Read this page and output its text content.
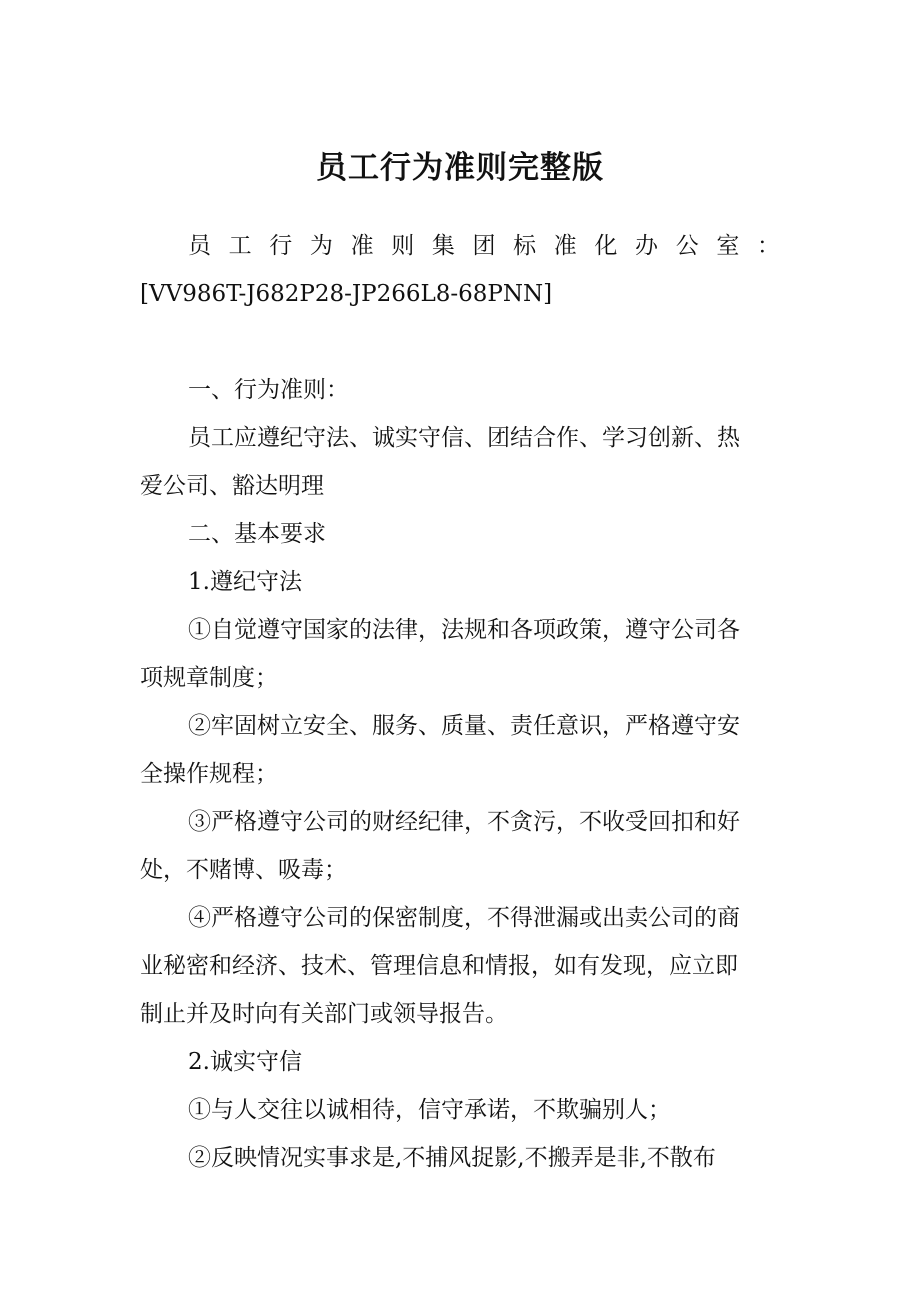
员工行为准则完整版
员 工 行 为 准 则 集 团 标 准 化 办 公 室 ：
[VV986T-J682P28-JP266L8-68PNN]
一、行为准则：
员工应遵纪守法、诚实守信、团结合作、学习创新、热
爱公司、豁达明理
二、基本要求
1.遵纪守法
①自觉遵守国家的法律，法规和各项政策，遵守公司各
项规章制度；
②牢固树立安全、服务、质量、责任意识，严格遵守安
全操作规程；
③严格遵守公司的财经纪律，不贪污，不收受回扣和好
处，不赌博、吸毒；
④严格遵守公司的保密制度，不得泄漏或出卖公司的商
业秘密和经济、技术、管理信息和情报，如有发现，应立即
制止并及时向有关部门或领导报告。
2.诚实守信
①与人交往以诚相待，信守承诺，不欺骗别人；
②反映情况实事求是,不捕风捉影,不搬弄是非,不散布
